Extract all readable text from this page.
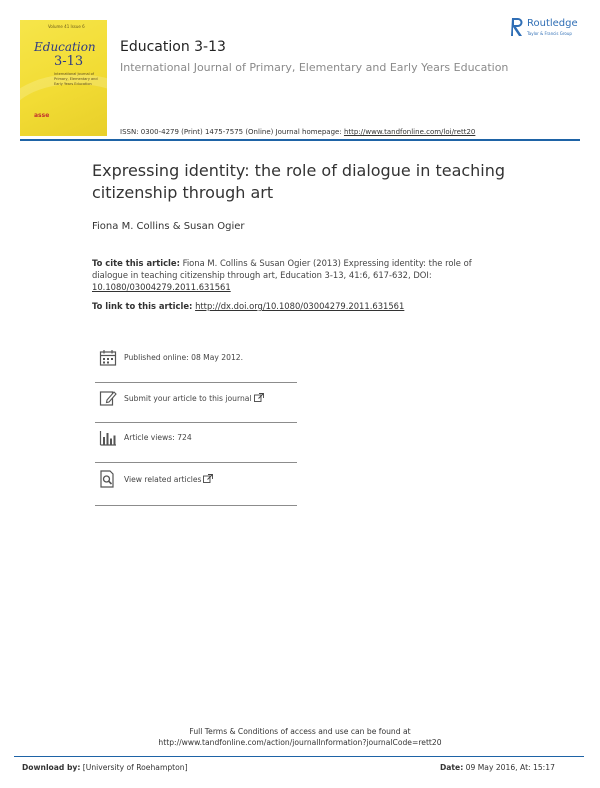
Volume 41 Issue 6
Education
3-13
International Journal of Primary, Elementary and Early Years Education
asse
Education 3-13
International Journal of Primary, Elementary and Early Years Education
ISSN: 0300-4279 (Print) 1475-7575 (Online) Journal homepage: http://www.tandfonline.com/loi/rett20
Routledge
Taylor & Francis Group
Expressing identity: the role of dialogue in teaching citizenship through art
Fiona M. Collins & Susan Ogier
To cite this article: Fiona M. Collins & Susan Ogier (2013) Expressing identity: the role of dialogue in teaching citizenship through art, Education 3-13, 41:6, 617-632, DOI: 10.1080/03004279.2011.631561
To link to this article: http://dx.doi.org/10.1080/03004279.2011.631561
Published online: 08 May 2012.
Submit your article to this journal
Article views: 724
View related articles
Full Terms & Conditions of access and use can be found at
http://www.tandfonline.com/action/journalInformation?journalCode=rett20
Download by: [University of Roehampton]	Date: 09 May 2016, At: 15:17
